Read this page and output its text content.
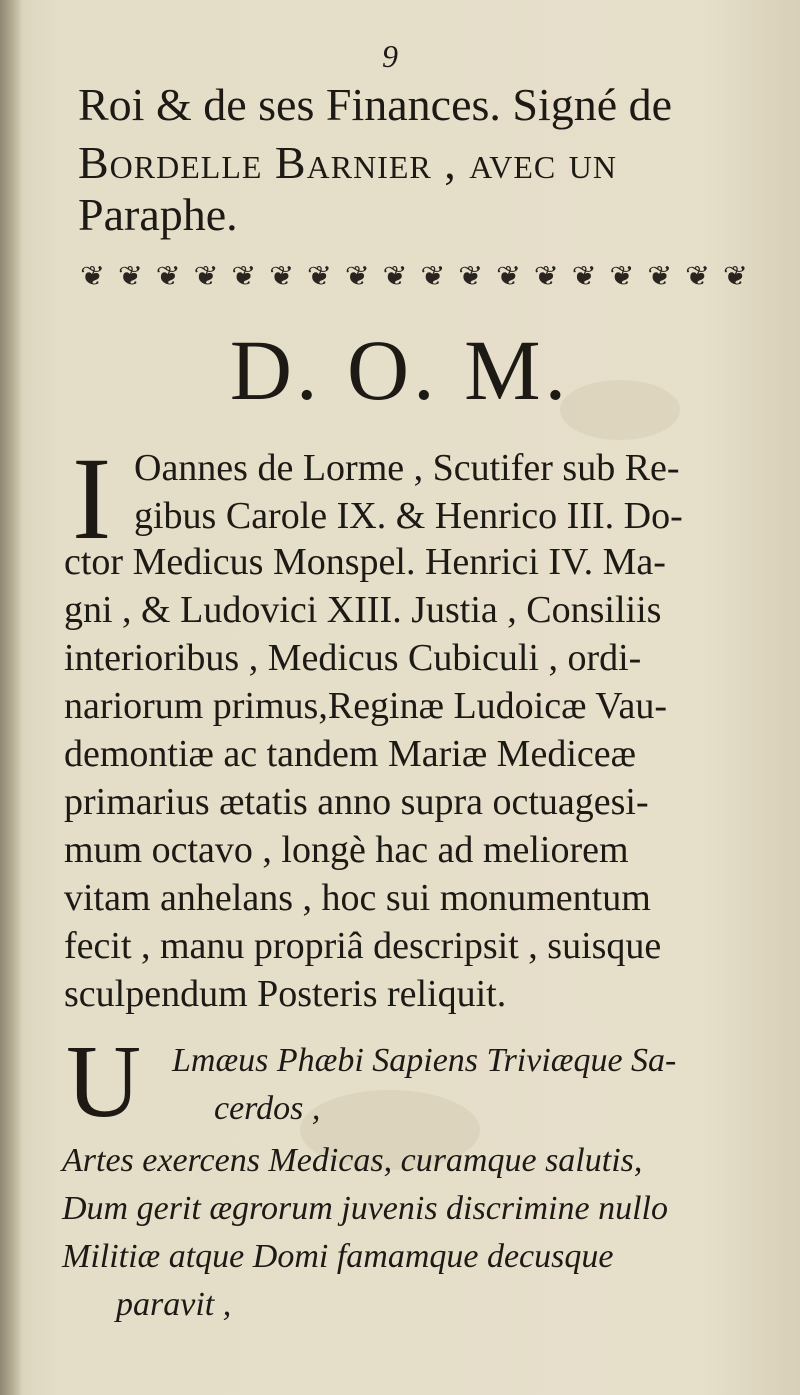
9
Roi & de ses Finances. Signé de
Bordelle Barnier , avec un
Paraphe.
❦ ❦ ❦ ❦ ❦ ❦ ❦ ❦ ❦ ❦ ❦ ❦ ❦ ❦ ❦ ❦ ❦ ❦
D. O. M.
I Oannes de Lorme , Scutifer sub Re-
gibus Carole IX. & Henrico III. Do-
ctor Medicus Monspel. Henrici IV. Ma-
gni , & Ludovici XIII. Justia , Consiliis
interioribus , Medicus Cubiculi , ordi-
nariorum primus,Reginæ Ludoicæ Vau-
demontiæ ac tandem Mariæ Mediceæ
primarius ætatis anno supra octuagesi-
mum octavo , longè hac ad meliorem
vitam anhelans , hoc sui monumentum
fecit , manu propriâ descripsit , suisque
sculpendum Posteris reliquit.
U Lmæus Phæbi Sapiens Triviæque Sa-
cerdos ,
Artes exercens Medicas, curamque salutis,
Dum gerit ægrorum juvenis discrimine nullo
Militiæ atque Domi famamque decusque
paravit ,
